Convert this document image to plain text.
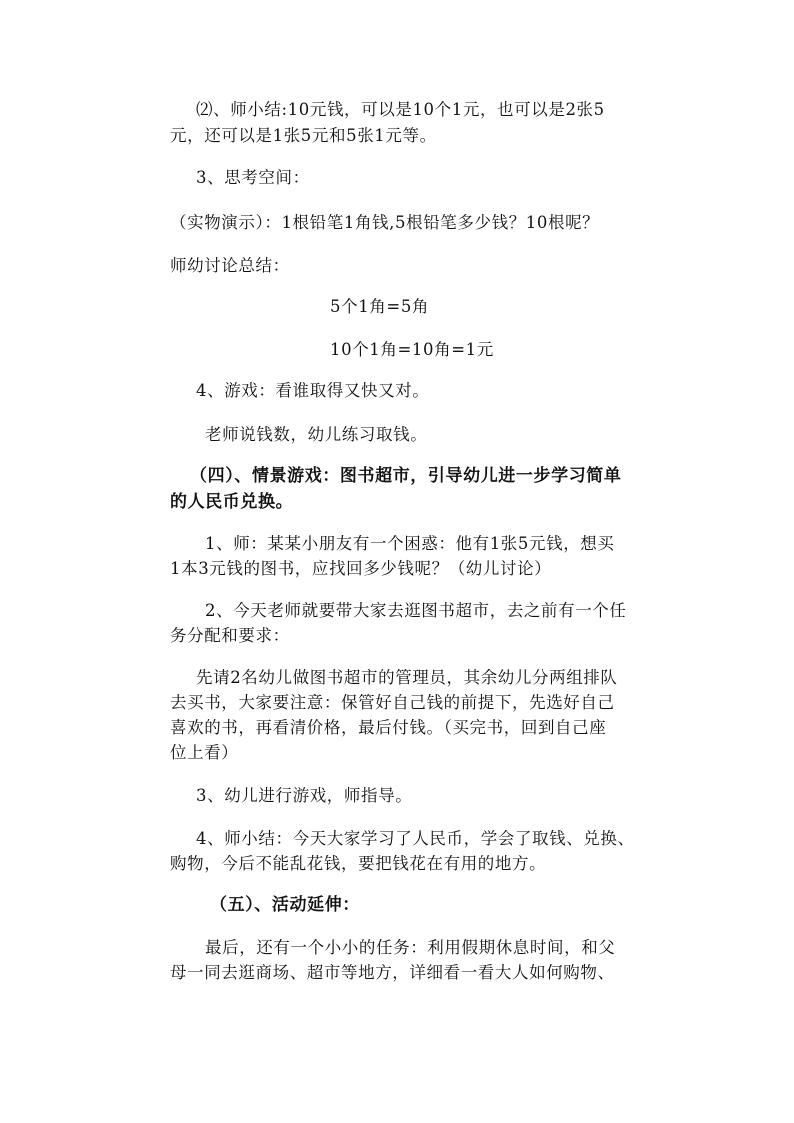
⑵、师小结:10元钱，可以是10个1元，也可以是2张5
元，还可以是1张5元和5张1元等。
3、思考空间：
（实物演示）：1根铅笔1角钱,5根铅笔多少钱？10根呢？
师幼讨论总结：
5个1角=5角
10个1角=10角=1元
4、游戏：看谁取得又快又对。
老师说钱数，幼儿练习取钱。
（四）、情景游戏：图书超市，引导幼儿进一步学习简单
的人民币兑换。
1、师：某某小朋友有一个困惑：他有1张5元钱，想买
1本3元钱的图书，应找回多少钱呢？（幼儿讨论）
2、今天老师就要带大家去逛图书超市，去之前有一个任
务分配和要求：
先请2名幼儿做图书超市的管理员，其余幼儿分两组排队
去买书，大家要注意：保管好自己钱的前提下，先选好自己
喜欢的书，再看清价格，最后付钱。（买完书，回到自己座
位上看）
3、幼儿进行游戏，师指导。
4、师小结：今天大家学习了人民币，学会了取钱、兑换、
购物，今后不能乱花钱，要把钱花在有用的地方。
（五）、活动延伸：
最后，还有一个小小的任务：利用假期休息时间，和父
母一同去逛商场、超市等地方，详细看一看大人如何购物、
